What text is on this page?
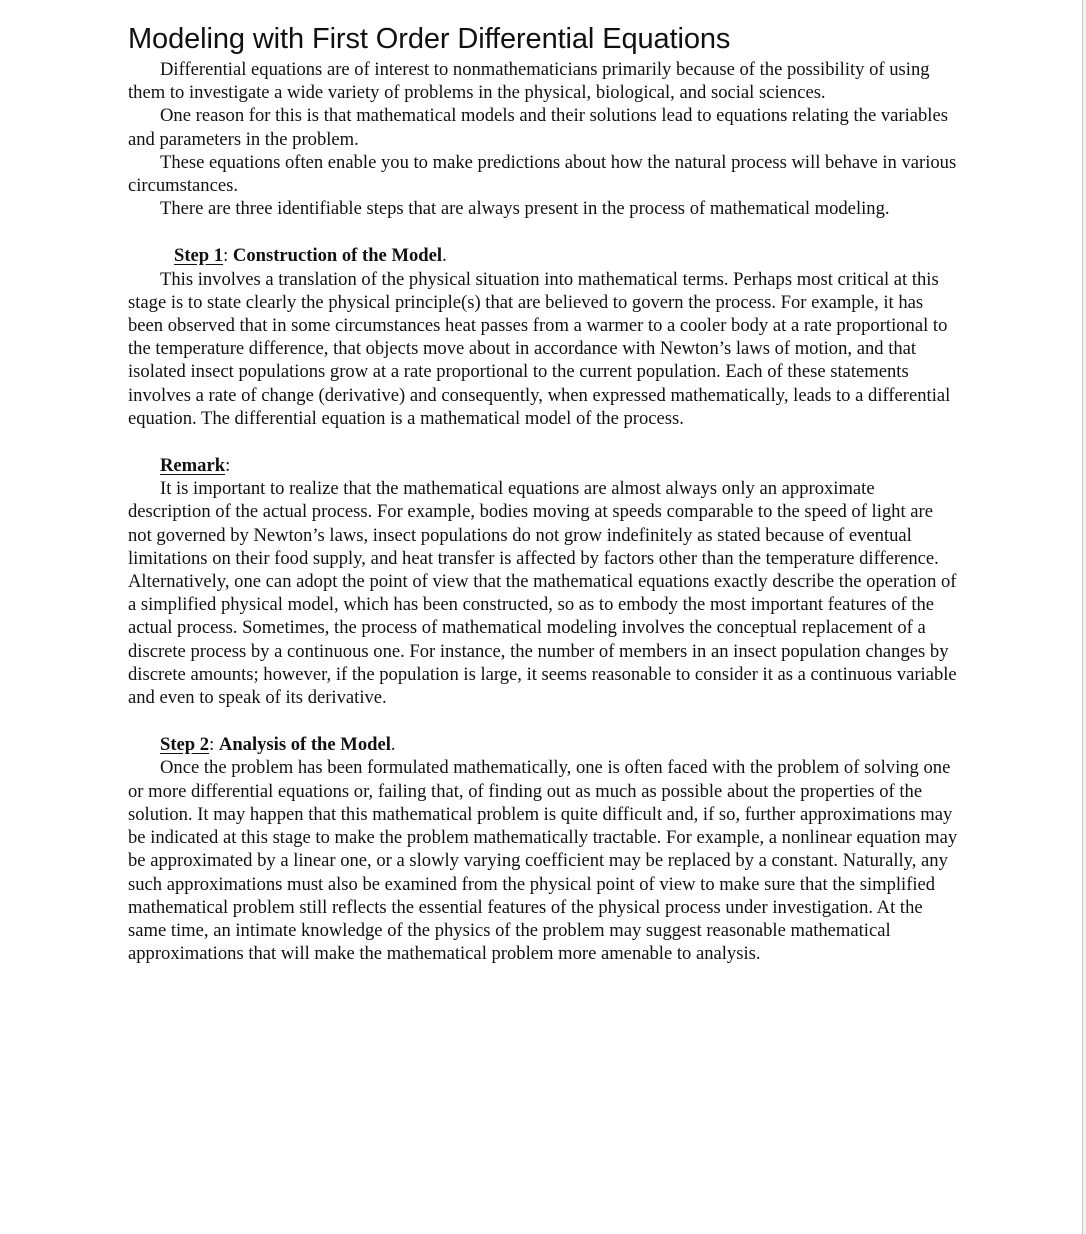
Modeling with First Order Differential Equations

Differential equations are of interest to nonmathematicians primarily because of the possibility of using them to investigate a wide variety of problems in the physical, biological, and social sciences.

One reason for this is that mathematical models and their solutions lead to equations relating the variables and parameters in the problem.

These equations often enable you to make predictions about how the natural process will behave in various circumstances.

There are three identifiable steps that are always present in the process of mathematical modeling.

Step 1: Construction of the Model.

This involves a translation of the physical situation into mathematical terms. Perhaps most critical at this stage is to state clearly the physical principle(s) that are believed to govern the process. For example, it has been observed that in some circumstances heat passes from a warmer to a cooler body at a rate proportional to the temperature difference, that objects move about in accordance with Newton’s laws of motion, and that isolated insect populations grow at a rate proportional to the current population. Each of these statements involves a rate of change (derivative) and consequently, when expressed mathematically, leads to a differential equation. The differential equation is a mathematical model of the process.

Remark:

It is important to realize that the mathematical equations are almost always only an approximate description of the actual process. For example, bodies moving at speeds comparable to the speed of light are not governed by Newton’s laws, insect populations do not grow indefinitely as stated because of eventual limitations on their food supply, and heat transfer is affected by factors other than the temperature difference. Alternatively, one can adopt the point of view that the mathematical equations exactly describe the operation of a simplified physical model, which has been constructed, so as to embody the most important features of the actual process. Sometimes, the process of mathematical modeling involves the conceptual replacement of a discrete process by a continuous one. For instance, the number of members in an insect population changes by discrete amounts; however, if the population is large, it seems reasonable to consider it as a continuous variable and even to speak of its derivative.

Step 2: Analysis of the Model.

Once the problem has been formulated mathematically, one is often faced with the problem of solving one or more differential equations or, failing that, of finding out as much as possible about the properties of the solution. It may happen that this mathematical problem is quite difficult and, if so, further approximations may be indicated at this stage to make the problem mathematically tractable. For example, a nonlinear equation may be approximated by a linear one, or a slowly varying coefficient may be replaced by a constant. Naturally, any such approximations must also be examined from the physical point of view to make sure that the simplified mathematical problem still reflects the essential features of the physical process under investigation. At the same time, an intimate knowledge of the physics of the problem may suggest reasonable mathematical approximations that will make the mathematical problem more amenable to analysis.
